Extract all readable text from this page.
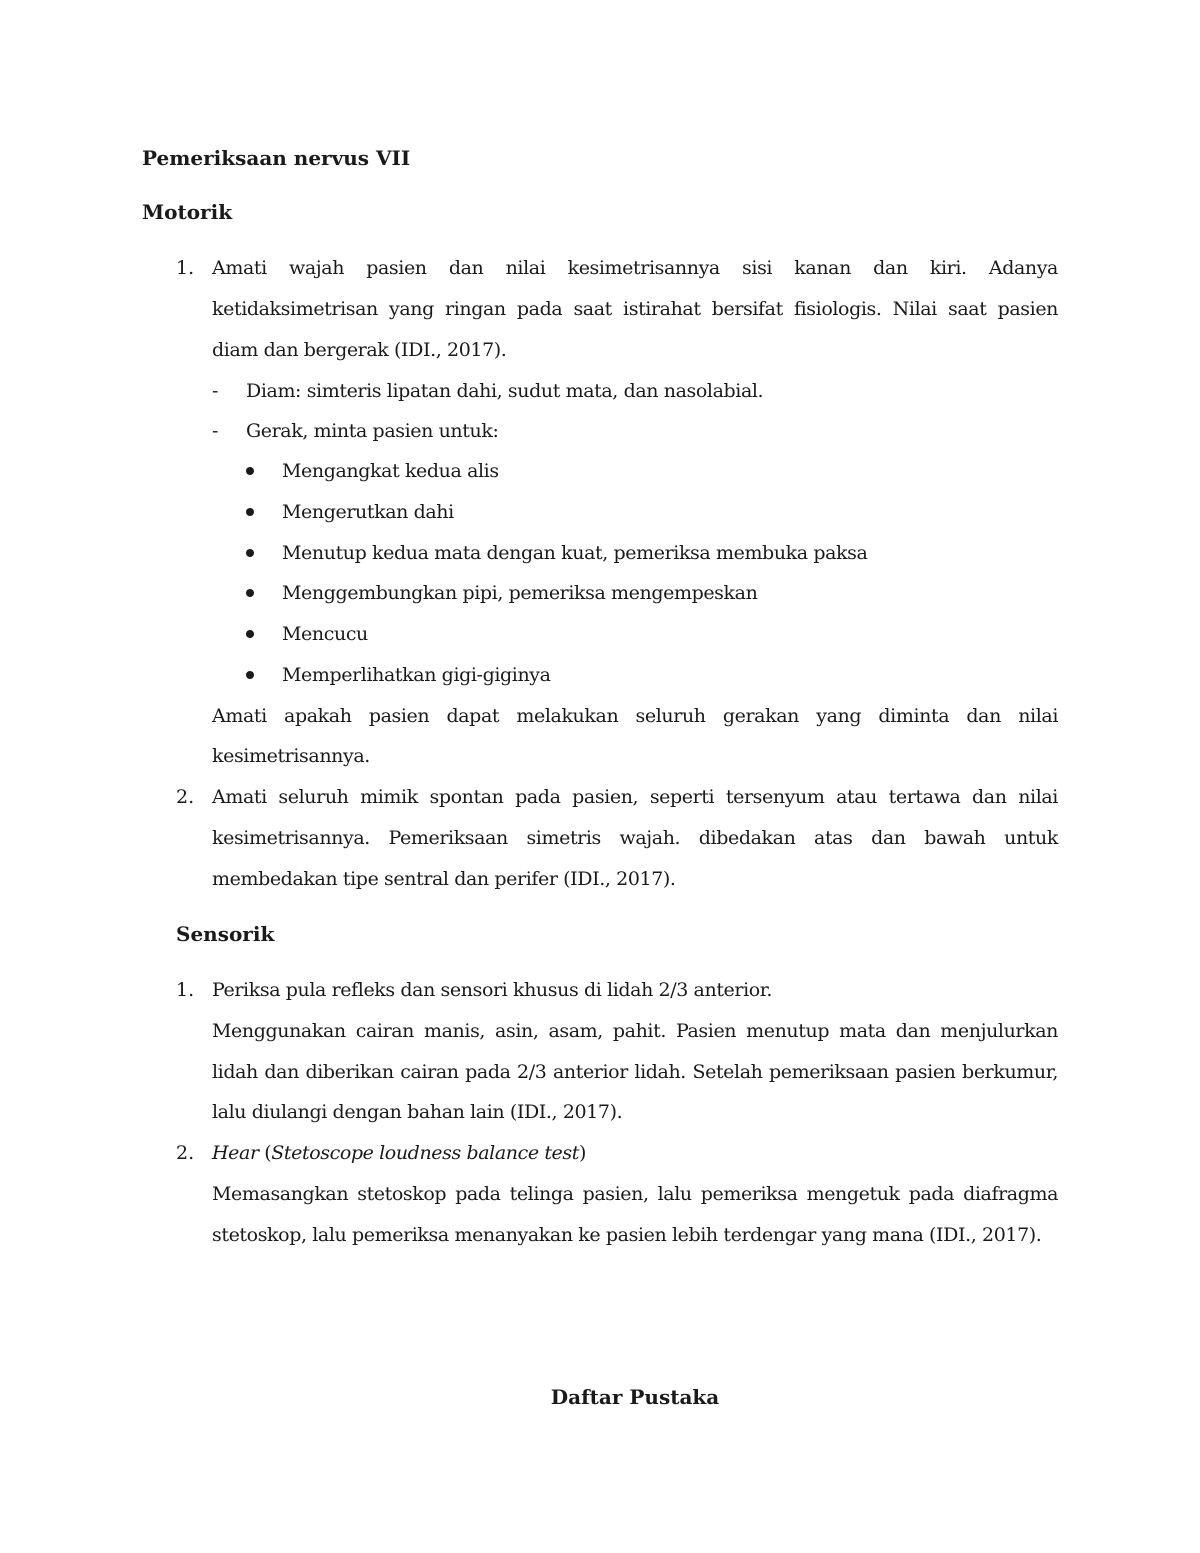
Pemeriksaan nervus VII
Motorik
1. Amati wajah pasien dan nilai kesimetrisannya sisi kanan dan kiri. Adanya
ketidaksimetrisan yang ringan pada saat istirahat bersifat fisiologis. Nilai saat pasien
diam dan bergerak (IDI., 2017).
- Diam: simteris lipatan dahi, sudut mata, dan nasolabial.
- Gerak, minta pasien untuk:
Mengangkat kedua alis
Mengerutkan dahi
Menutup kedua mata dengan kuat, pemeriksa membuka paksa
Menggembungkan pipi, pemeriksa mengempeskan
Mencucu
Memperlihatkan gigi-giginya
Amati apakah pasien dapat melakukan seluruh gerakan yang diminta dan nilai
kesimetrisannya.
2. Amati seluruh mimik spontan pada pasien, seperti tersenyum atau tertawa dan nilai
kesimetrisannya. Pemeriksaan simetris wajah. dibedakan atas dan bawah untuk
membedakan tipe sentral dan perifer (IDI., 2017).
Sensorik
1. Periksa pula refleks dan sensori khusus di lidah 2/3 anterior.
Menggunakan cairan manis, asin, asam, pahit. Pasien menutup mata dan menjulurkan
lidah dan diberikan cairan pada 2/3 anterior lidah. Setelah pemeriksaan pasien berkumur,
lalu diulangi dengan bahan lain (IDI., 2017).
2. Hear (Stetoscope loudness balance test)
Memasangkan stetoskop pada telinga pasien, lalu pemeriksa mengetuk pada diafragma
stetoskop, lalu pemeriksa menanyakan ke pasien lebih terdengar yang mana (IDI., 2017).
Daftar Pustaka
